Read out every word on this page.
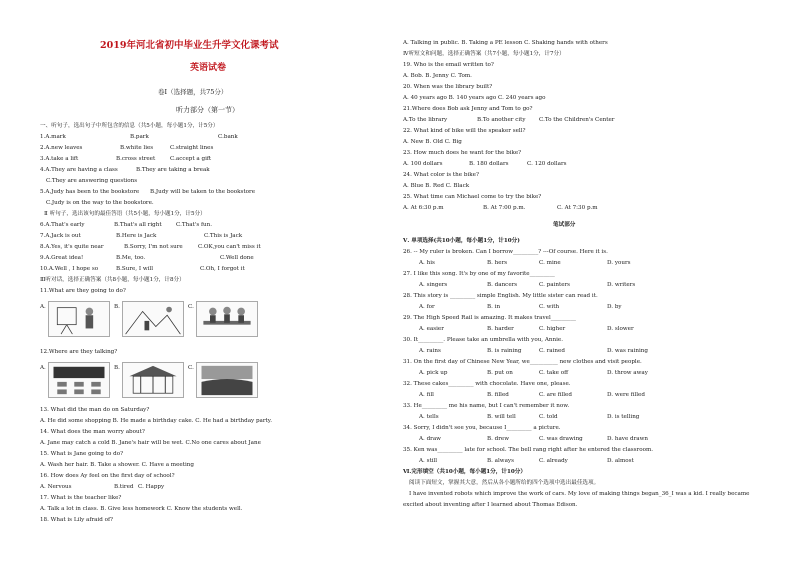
2019年河北省初中毕业生升学文化课考试
英语试卷
卷Ⅰ（选择题，共75分）
听力部分（第一节）
一、听句子，选出句子中所包含的信息（共5小题，每小题1分，计5分）
1.A.mark	B.park	C.bank
2.A.new leaves	B.white lies	C.straight lines
3.A.take a lift	B.cross street	C.accept a gift
4.A.They are having a class	B.They are taking a break
C.They are answering questions
5.A.Judy has been to the bookstore B.Judy will be taken to the bookstore
C.Judy is on the way to the bookstore.
Ⅱ 听句子，选出该句的最佳答语（共5小题，每小题1分，计5分）
6.A.That's early	B.That's all right	C.That's fun.
7.A.Jack is out	B.Here is Jack	C.This is Jack
8.A.Yes, it's quite near	B.Sorry, I'm not sure	C.OK,you can't miss it
9.A.Great idea!	B.Me, too.	C.Well done
10.A.Well , I hope so	B.Sure, I will	C.Oh, I forgot it
Ⅲ听对话，选择正确答案（共8小题，每小题1分，计8分）
11.What are they going to do?
A.	B.	C.
12.Where are they talking?
A.	B.	C.
13. What did the man do on Saturday?
A. He did some shopping B. He made a birthday cake. C. He had a birthday party.
14. What does the man worry about?
A. Jane may catch a cold B. Jane's hair will be wet. C.No one cares about Jane
15. What is Jane going to do?
A. Wash her hair. B. Take a shower. C. Have a meeting
16. How does Ay feel on the first day of school?
A. Nervous	B.tired C. Happy
17. What is the teacher like?
A. Talk a lot in class. B. Give less homework C. Know the students well.
18. What is Lily afraid of?
A. Talking in public. B. Taking a PE lesson C. Shaking hands with others
Ⅳ听短文和问题，选择正确答案（共7小题，每小题1分，计7分）
19. Who is the email written to?
A. Bob. B. Jenny C. Tom.
20. When was the library built?
A. 40 years ago B. 140 years ago C. 240 years ago
21.Where does Bob ask Jenny and Tom to go?
A.To the library	B.To another city C.To the Children's Center
22. What kind of bike will the speaker sell?
A. New B. Old C. Big
23. How much does he want for the bike?
A. 100 dollars	B. 180 dollars	C. 120 dollars
24. What color is the bike?
A. Blue B. Red C. Black
25. What time can Michael come to try the bike?
A. At 6:30 p.m	B. At 7:00 p.m.	C. At 7:30 p.m
笔试部分
Ⅴ. 单项选择(共10小题，每小题1分，计10分)
26. -- My ruler is broken. Can I borrow_________? ---Of course. Here it is.
A. his	B. hers	C. mine	D. yours
27. I like this song. It's by one of my favorite_________
A. singers	B. dancers	C. painters	D. writers
28. This story is _________ simple English. My little sister can read it.
A. for	B. in	C. with	D. by
29. The High Speed Rail is amazing. It makes travel_________
A. easier	B. harder	C. higher	D. slower
30. It_________. Please take an umbrella with you, Annie.
A. rains	B. is raining	C. rained	D. was raining
31. On the first day of Chinese New Year, we__________ new clothes and visit people.
A. pick up	B. put on	C. take off	D. throw away
32. These cakes_________ with chocolate. Have one, please.
A. fill	B. filled	C. are filled	D. were filled
33. He_________ me his name, but I can't remember it now.
A. tells	B. will tell	C. told	D. is telling
34. Sorry, I didn't see you, because I_________ a picture.
A. draw	B. drew	C. was drawing	D. have drawn
35. Ken was_________ late for school. The bell rang right after he entered the classroom.
A. still	B. always	C. already	D. almost
Ⅵ.完形填空（共10小题，每小题1分，计10分）
阅读下面短文，掌握其大意，然后从各小题所给的四个选项中选出最佳选项。
I have invented robots which improve the work of cars. My love of making things began_36_I was a kid. I really became
excited about inventing after I learned about Thomas Edison.
